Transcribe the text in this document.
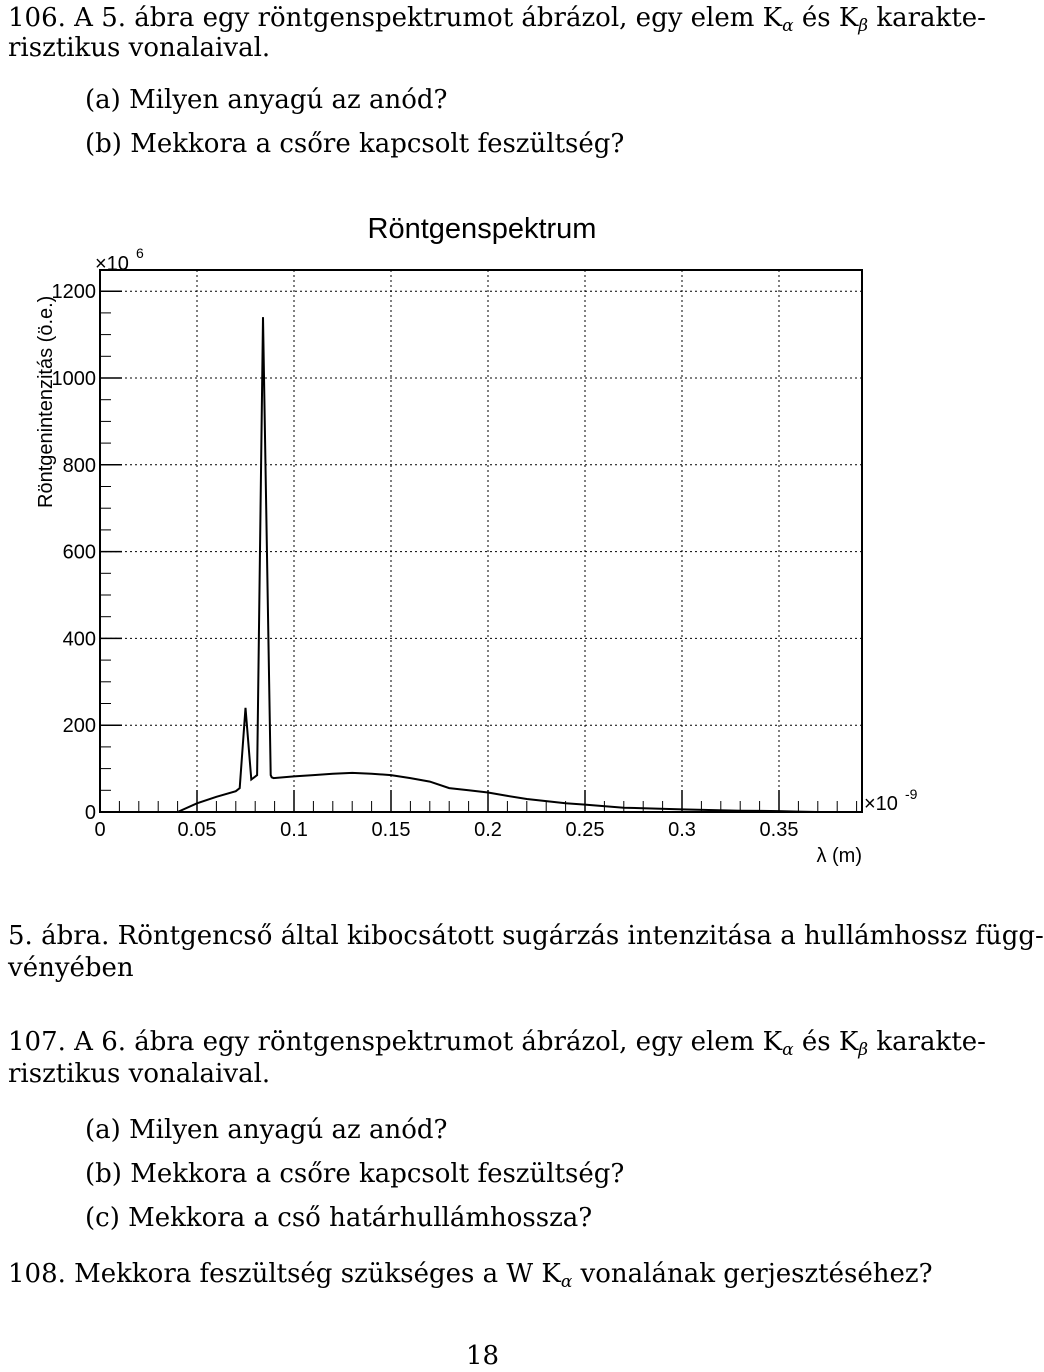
106. A 5. ábra egy röntgenspektrumot ábrázol, egy elem $K_\alpha$ és $K_\beta$ karakte-
risztikus vonalaival.
(a) Milyen anyagú az anód?
(b) Mekkora a csőre kapcsolt feszültség?
Röntgenspektrum
×10 6
×10 -9
λ (m)
Röntgenintenzitás (ö.e.)
0	0.05	0.1	0.15	0.2	0.25	0.3	0.35
0
200
400
600
800
1000
1200
5. ábra. Röntgencső által kibocsátott sugárzás intenzitása a hullámhossz függ-
vényében
107. A 6. ábra egy röntgenspektrumot ábrázol, egy elem $K_\alpha$ és $K_\beta$ karakte-
risztikus vonalaival.
(a) Milyen anyagú az anód?
(b) Mekkora a csőre kapcsolt feszültség?
(c) Mekkora a cső határhullámhossza?
108. Mekkora feszültség szükséges a W $K_\alpha$ vonalának gerjesztéséhez?
18
